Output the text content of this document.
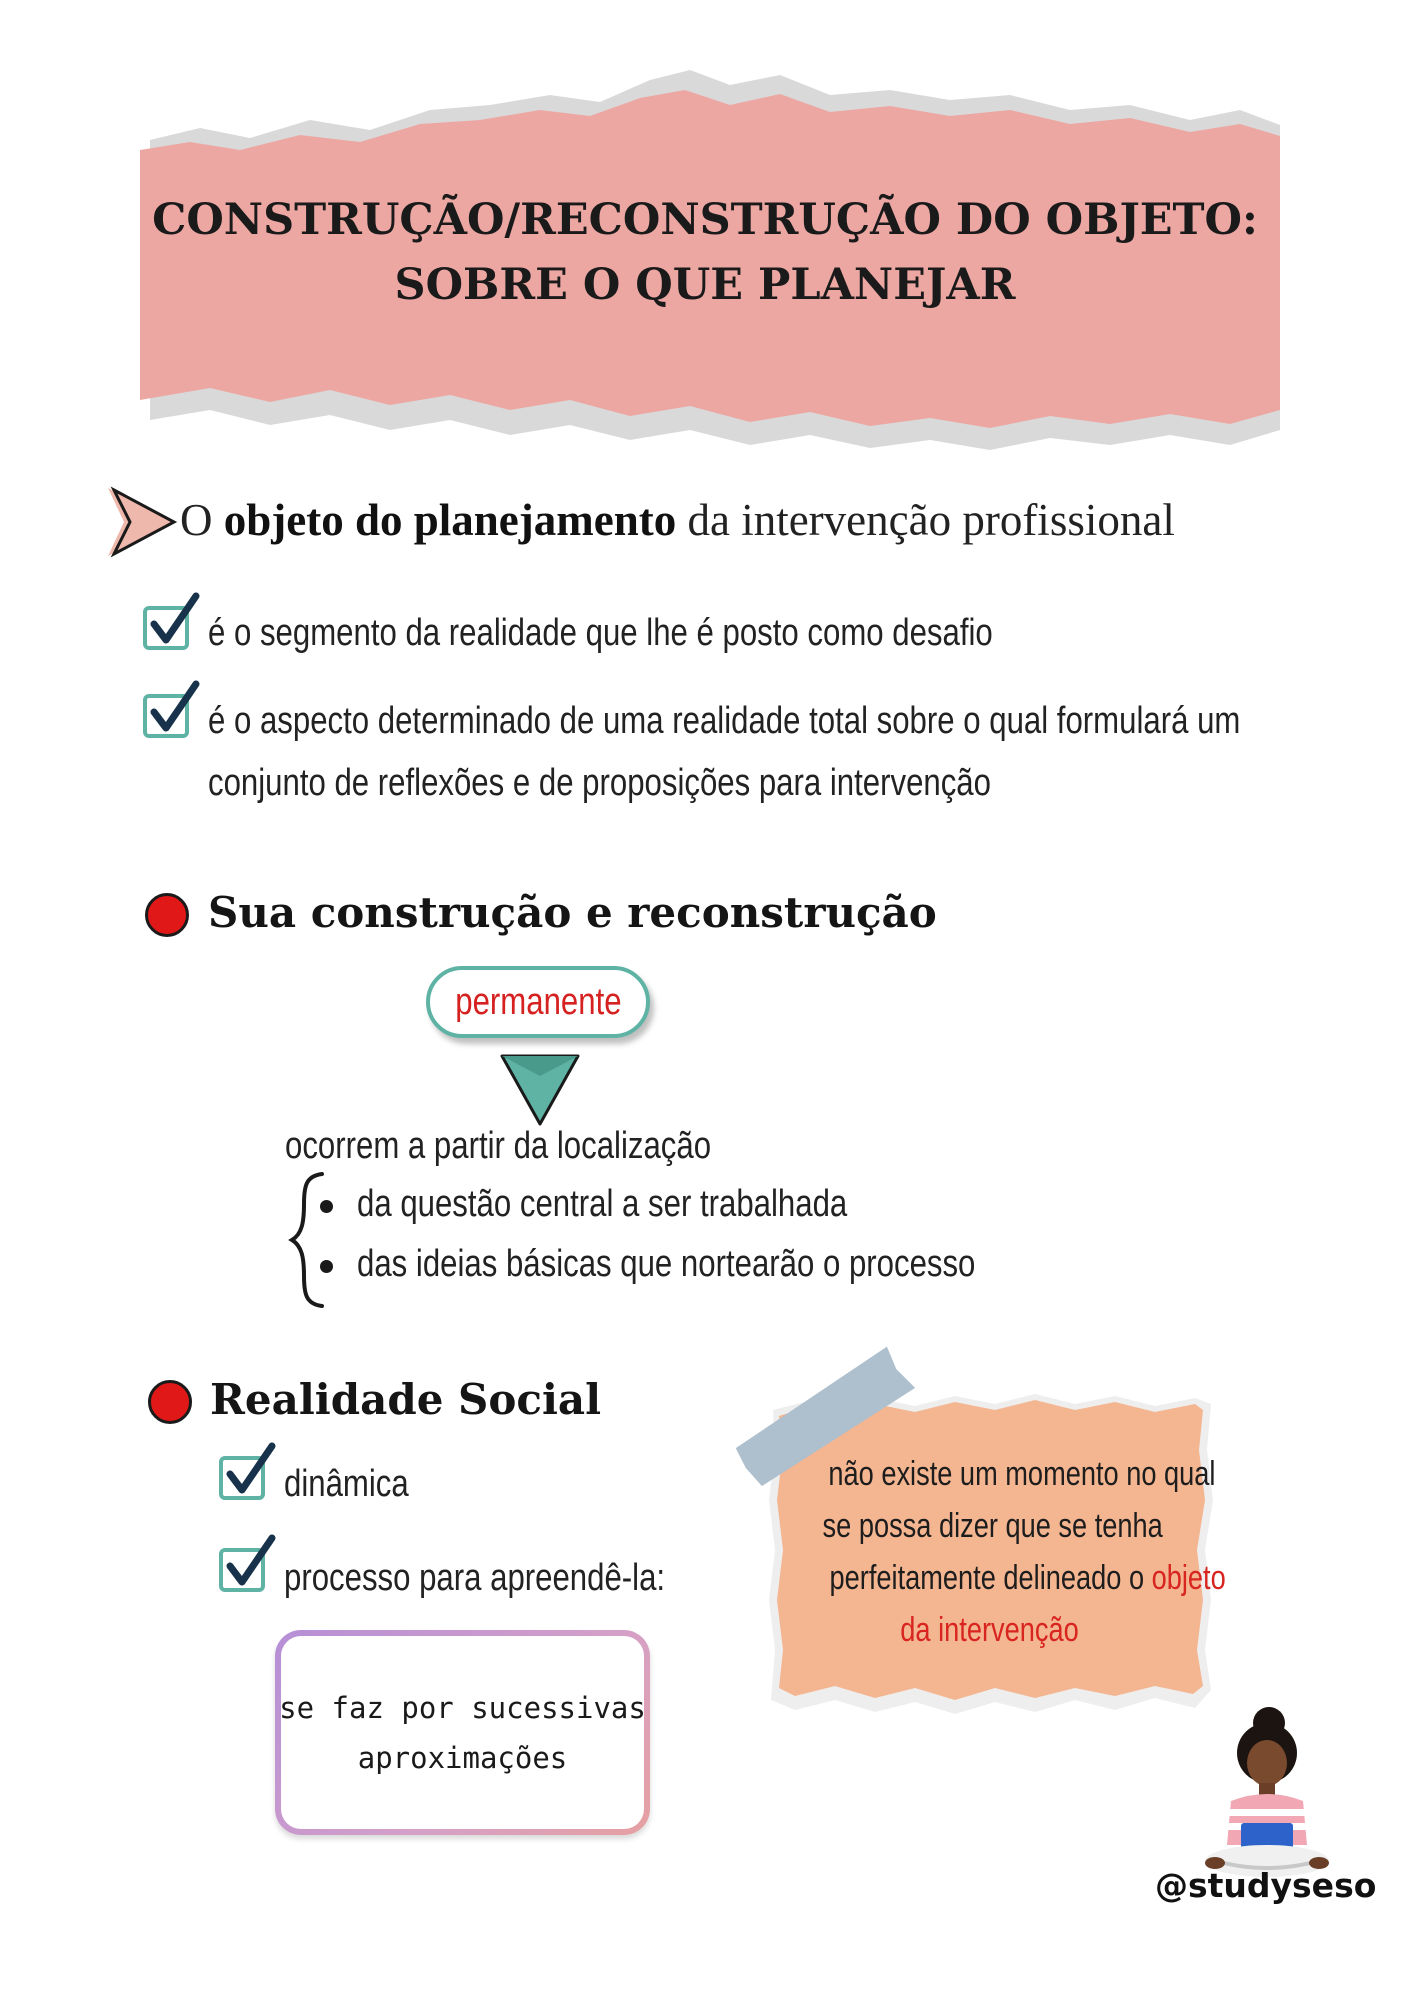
CONSTRUÇÃO/RECONSTRUÇÃO DO OBJETO:
SOBRE O QUE PLANEJAR
O objeto do planejamento da intervenção profissional
é o segmento da realidade que lhe é posto como desafio
é o aspecto determinado de uma realidade total sobre o qual formulará um
conjunto de reflexões e de proposições para intervenção
Sua construção e reconstrução
permanente
ocorrem a partir da localização
da questão central a ser trabalhada
das ideias básicas que nortearão o processo
Realidade Social
dinâmica
processo para apreendê-la:
se faz por sucessivas
aproximações
não existe um momento no qual
se possa dizer que se tenha
perfeitamente delineado o objeto
da intervenção
@studyseso
